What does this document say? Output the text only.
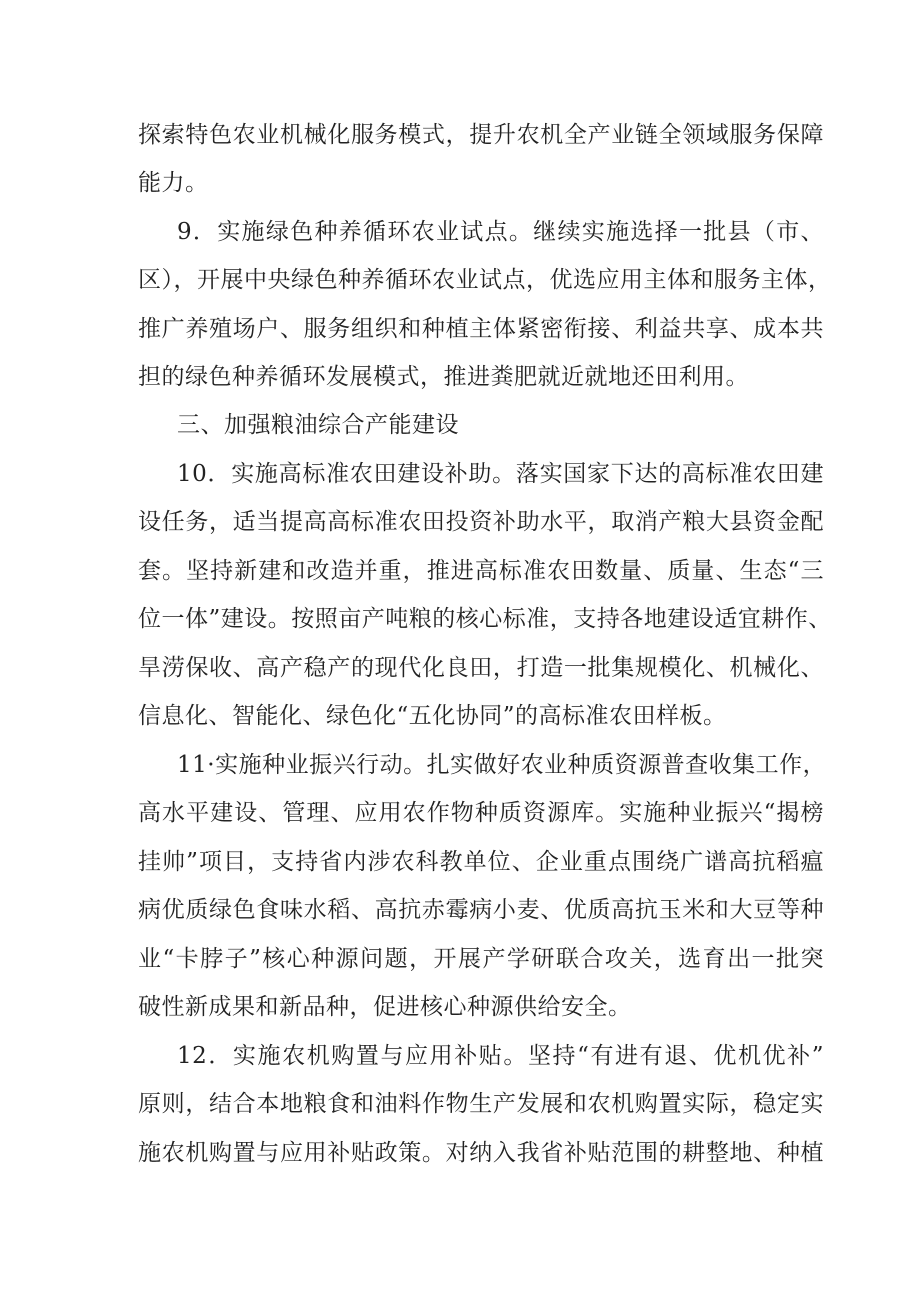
探索特色农业机械化服务模式，提升农机全产业链全领域服务保障

能力。

9．实施绿色种养循环农业试点。继续实施选择一批县（市、

区），开展中央绿色种养循环农业试点，优选应用主体和服务主体，

推广养殖场户、服务组织和种植主体紧密衔接、利益共享、成本共

担的绿色种养循环发展模式，推进粪肥就近就地还田利用。

三、加强粮油综合产能建设

10．实施高标准农田建设补助。落实国家下达的高标准农田建

设任务，适当提高高标准农田投资补助水平，取消产粮大县资金配

套。坚持新建和改造并重，推进高标准农田数量、质量、生态“三

位一体”建设。按照亩产吨粮的核心标准，支持各地建设适宜耕作、

旱涝保收、高产稳产的现代化良田，打造一批集规模化、机械化、

信息化、智能化、绿色化“五化协同”的高标准农田样板。

11·实施种业振兴行动。扎实做好农业种质资源普查收集工作，

高水平建设、管理、应用农作物种质资源库。实施种业振兴“揭榜

挂帅”项目，支持省内涉农科教单位、企业重点围绕广谱高抗稻瘟

病优质绿色食味水稻、高抗赤霉病小麦、优质高抗玉米和大豆等种

业“卡脖子”核心种源问题，开展产学研联合攻关，选育出一批突

破性新成果和新品种，促进核心种源供给安全。

12．实施农机购置与应用补贴。坚持“有进有退、优机优补”

原则，结合本地粮食和油料作物生产发展和农机购置实际，稳定实

施农机购置与应用补贴政策。对纳入我省补贴范围的耕整地、种植
